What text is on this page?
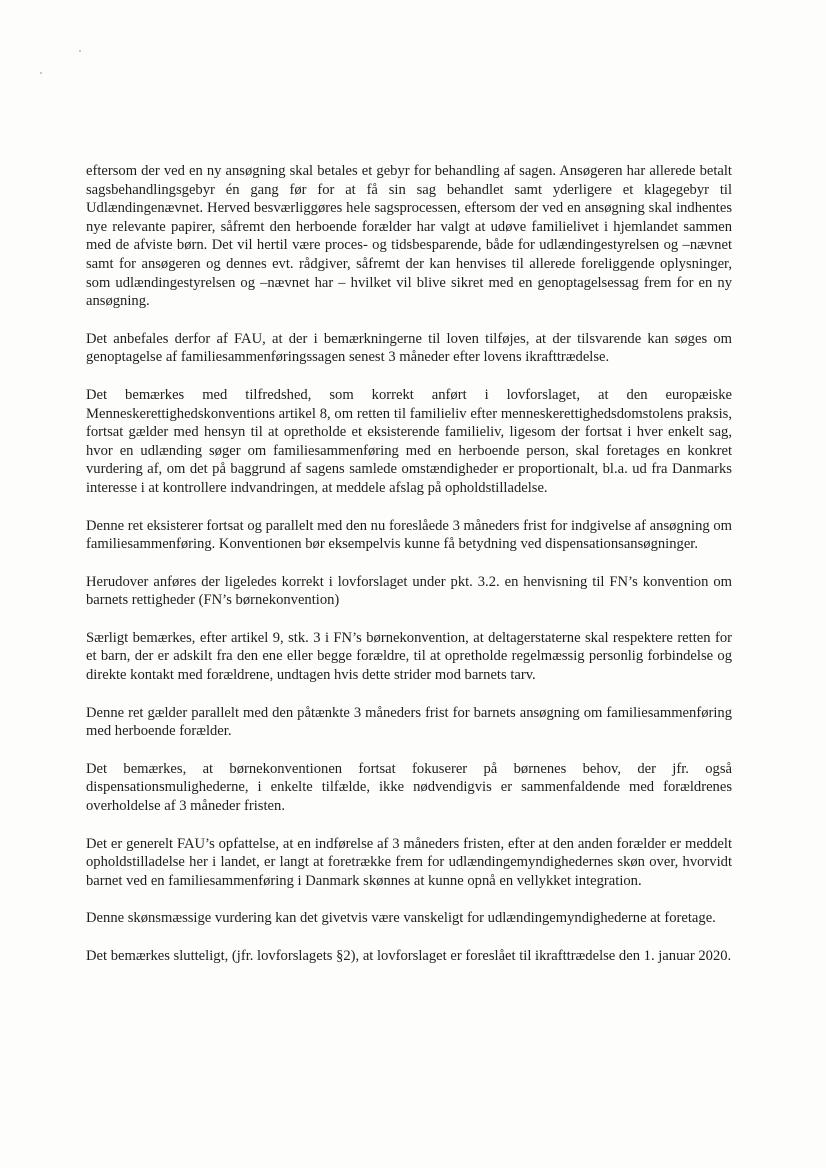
eftersom der ved en ny ansøgning skal betales et gebyr for behandling af sagen. Ansøgeren har allerede betalt sagsbehandlingsgebyr én gang før for at få sin sag behandlet samt yderligere et klagegebyr til Udlændingenævnet. Herved besværliggøres hele sagsprocessen, eftersom der ved en ansøgning skal indhentes nye relevante papirer, såfremt den herboende forælder har valgt at udøve familielivet i hjemlandet sammen med de afviste børn. Det vil hertil være proces- og tidsbesparende, både for udlændingestyrelsen og –nævnet samt for ansøgeren og dennes evt. rådgiver, såfremt der kan henvises til allerede foreliggende oplysninger, som udlændingestyrelsen og –nævnet har – hvilket vil blive sikret med en genoptagelsessag frem for en ny ansøgning.

Det anbefales derfor af FAU, at der i bemærkningerne til loven tilføjes, at der tilsvarende kan søges om genoptagelse af familiesammenføringssagen senest 3 måneder efter lovens ikrafttrædelse.

Det bemærkes med tilfredshed, som korrekt anført i lovforslaget, at den europæiske Menneskerettighedskonventions artikel 8, om retten til familieliv efter menneskerettighedsdomstolens praksis, fortsat gælder med hensyn til at opretholde et eksisterende familieliv, ligesom der fortsat i hver enkelt sag, hvor en udlænding søger om familiesammenføring med en herboende person, skal foretages en konkret vurdering af, om det på baggrund af sagens samlede omstændigheder er proportionalt, bl.a. ud fra Danmarks interesse i at kontrollere indvandringen, at meddele afslag på opholdstilladelse.

Denne ret eksisterer fortsat og parallelt med den nu foreslåede 3 måneders frist for indgivelse af ansøgning om familiesammenføring. Konventionen bør eksempelvis kunne få betydning ved dispensationsansøgninger.

Herudover anføres der ligeledes korrekt i lovforslaget under pkt. 3.2. en henvisning til FN’s konvention om barnets rettigheder (FN’s børnekonvention)

Særligt bemærkes, efter artikel 9, stk. 3 i FN’s børnekonvention, at deltagerstaterne skal respektere retten for et barn, der er adskilt fra den ene eller begge forældre, til at opretholde regelmæssig personlig forbindelse og direkte kontakt med forældrene, undtagen hvis dette strider mod barnets tarv.

Denne ret gælder parallelt med den påtænkte 3 måneders frist for barnets ansøgning om familiesammenføring med herboende forælder.

Det bemærkes, at børnekonventionen fortsat fokuserer på børnenes behov, der jfr. også dispensationsmulighederne, i enkelte tilfælde, ikke nødvendigvis er sammenfaldende med forældrenes overholdelse af 3 måneder fristen.

Det er generelt FAU’s opfattelse, at en indførelse af 3 måneders fristen, efter at den anden forælder er meddelt opholdstilladelse her i landet, er langt at foretrække frem for udlændingemyndighedernes skøn over, hvorvidt barnet ved en familiesammenføring i Danmark skønnes at kunne opnå en vellykket integration.

Denne skønsmæssige vurdering kan det givetvis være vanskeligt for udlændingemyndighederne at foretage.

Det bemærkes slutteligt, (jfr. lovforslagets §2), at lovforslaget er foreslået til ikrafttrædelse den 1. januar 2020.
